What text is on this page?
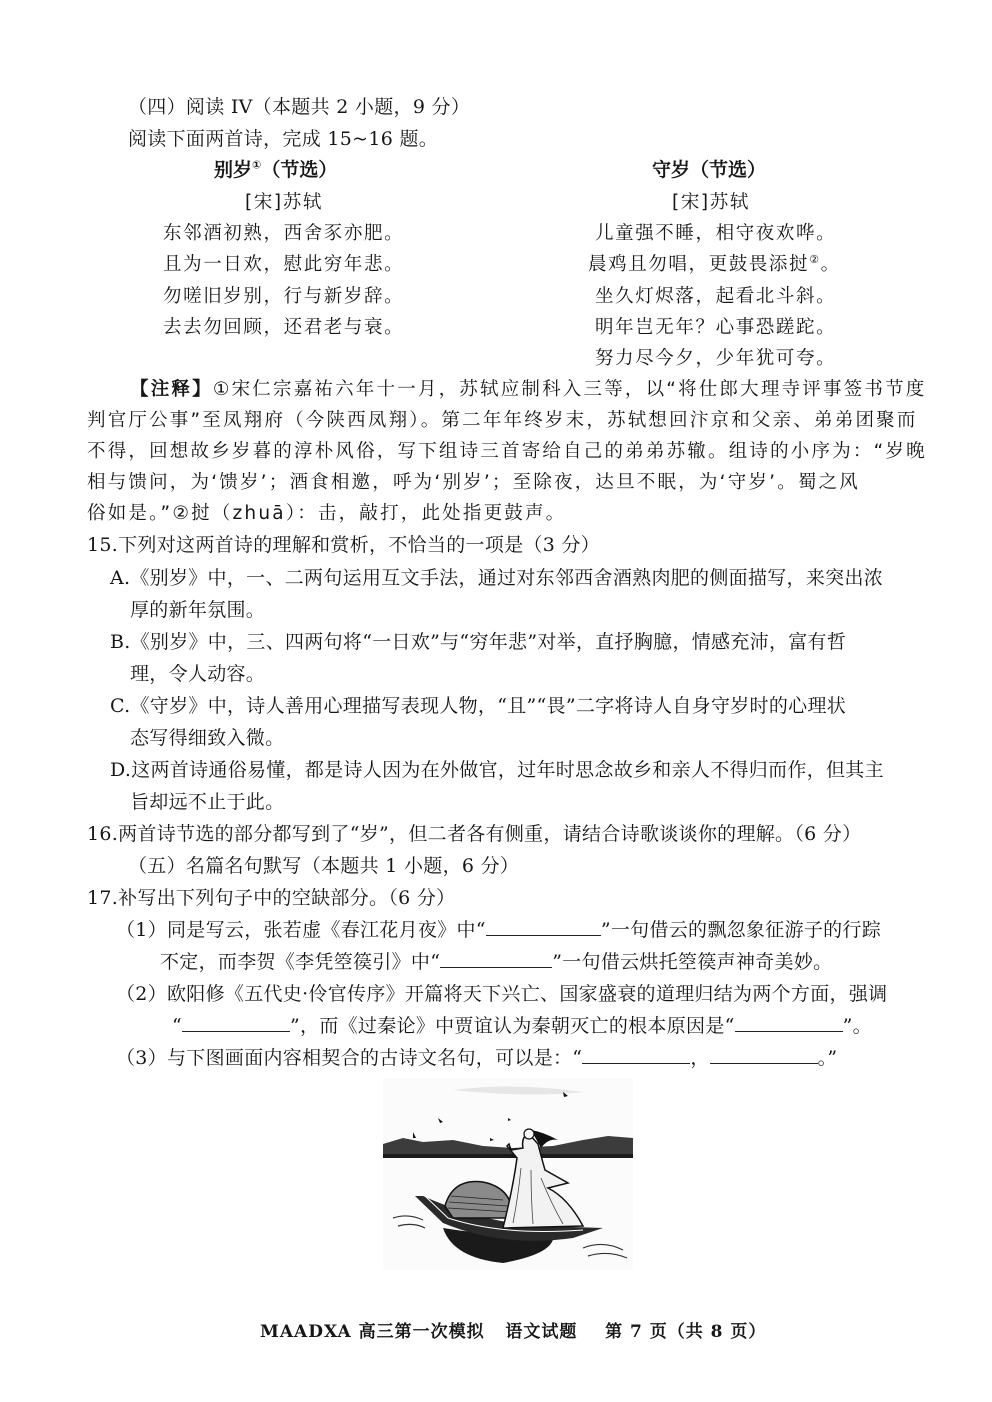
（四）阅读 IV（本题共 2 小题，9 分）
阅读下面两首诗，完成 15~16 题。
别岁①（节选）
[宋]苏轼
东邻酒初熟，西舍豕亦肥。
且为一日欢，慰此穷年悲。
勿嗟旧岁别，行与新岁辞。
去去勿回顾，还君老与衰。
守岁（节选）
[宋]苏轼
儿童强不睡，相守夜欢哗。
晨鸡且勿唱，更鼓畏添挝②。
坐久灯烬落，起看北斗斜。
明年岂无年？心事恐蹉跎。
努力尽今夕，少年犹可夸。
【注释】①宋仁宗嘉祐六年十一月，苏轼应制科入三等，以“将仕郎大理寺评事签书节度
判官厅公事”至凤翔府（今陕西凤翔）。第二年年终岁末，苏轼想回汴京和父亲、弟弟团聚而
不得，回想故乡岁暮的淳朴风俗，写下组诗三首寄给自己的弟弟苏辙。组诗的小序为：“岁晚
相与馈问，为‘馈岁’；酒食相邀，呼为‘别岁’；至除夜，达旦不眠，为‘守岁’。蜀之风
俗如是。”②挝（zhuā）：击，敲打，此处指更鼓声。
15.下列对这两首诗的理解和赏析，不恰当的一项是（3 分）
A.《别岁》中，一、二两句运用互文手法，通过对东邻西舍酒熟肉肥的侧面描写，来突出浓
厚的新年氛围。
B.《别岁》中，三、四两句将“一日欢”与“穷年悲”对举，直抒胸臆，情感充沛，富有哲
理，令人动容。
C.《守岁》中，诗人善用心理描写表现人物，“且”“畏”二字将诗人自身守岁时的心理状
态写得细致入微。
D.这两首诗通俗易懂，都是诗人因为在外做官，过年时思念故乡和亲人不得归而作，但其主
旨却远不止于此。
16.两首诗节选的部分都写到了“岁”，但二者各有侧重，请结合诗歌谈谈你的理解。（6 分）
（五）名篇名句默写（本题共 1 小题，6 分）
17.补写出下列句子中的空缺部分。（6 分）
（1）同是写云，张若虚《春江花月夜》中“	”一句借云的飘忽象征游子的行踪
不定，而李贺《李凭箜篌引》中“	”一句借云烘托箜篌声神奇美妙。
（2）欧阳修《五代史·伶官传序》开篇将天下兴亡、国家盛衰的道理归结为两个方面，强调
“	”，而《过秦论》中贾谊认为秦朝灭亡的根本原因是“	”。
（3）与下图画面内容相契合的古诗文名句，可以是：“	，	。”
MAADXA 高三第一次模拟 语文试题 第 7 页（共 8 页）
